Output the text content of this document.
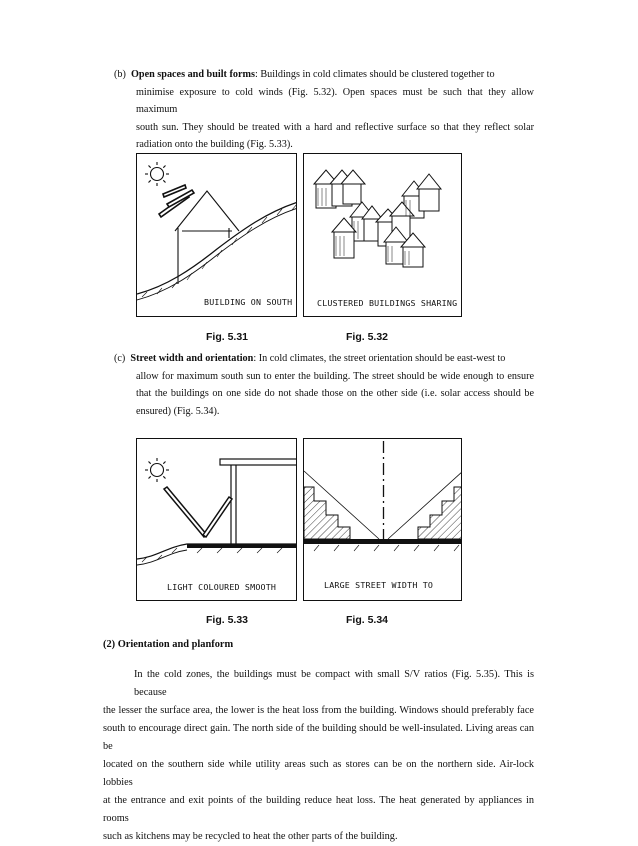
(b) Open spaces and built forms: Buildings in cold climates should be clustered together to
minimise exposure to cold winds (Fig. 5.32). Open spaces must be such that they allow maximum
south sun. They should be treated with a hard and reflective surface so that they reflect solar
radiation onto the building (Fig. 5.33).

BUILDING ON SOUTH

	CLUSTERED BUILDINGS SHARING

Fig. 5.31	Fig. 5.32
(c) Street width and orientation: In cold climates, the street orientation should be east-west to
allow for maximum south sun to enter the building. The street should be wide enough to ensure
that the buildings on one side do not shade those on the other side (i.e. solar access should be
ensured) (Fig. 5.34).

LIGHT COLOURED SMOOTH

	LARGE STREET WIDTH TO

Fig. 5.33	Fig. 5.34
(2) Orientation and planform
In the cold zones, the buildings must be compact with small S/V ratios (Fig. 5.35). This is because
the lesser the surface area, the lower is the heat loss from the building. Windows should preferably face
south to encourage direct gain. The north side of the building should be well-insulated. Living areas can be
located on the southern side while utility areas such as stores can be on the northern side. Air-lock lobbies
at the entrance and exit points of the building reduce heat loss. The heat generated by appliances in rooms
such as kitchens may be recycled to heat the other parts of the building.
